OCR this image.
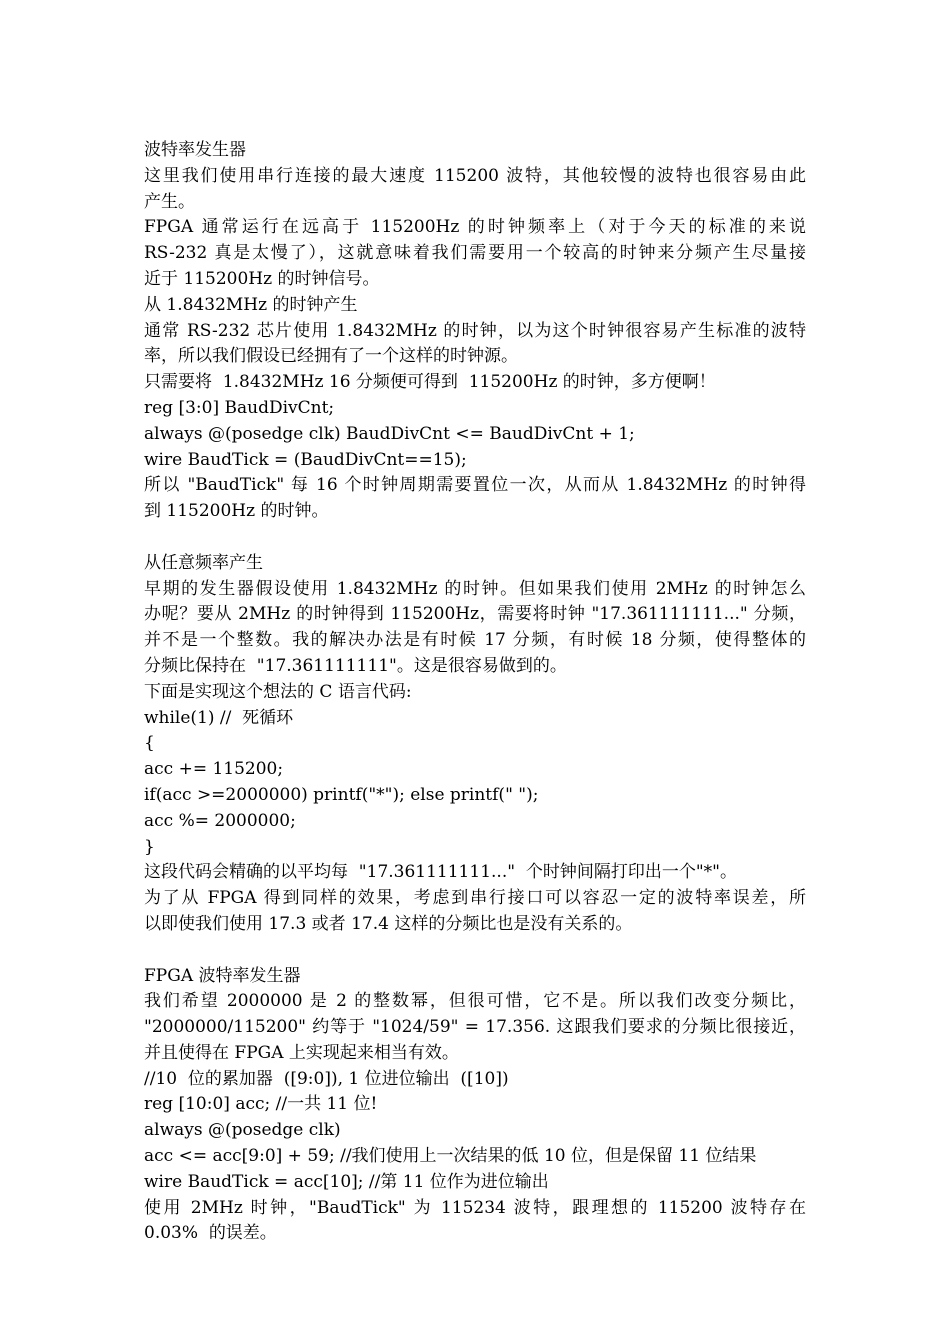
波特率发生器
这里我们使用串行连接的最大速度 115200 波特，其他较慢的波特也很容易由此
产生。
FPGA 通常运行在远高于 115200Hz 的时钟频率上（对于今天的标准的来说
RS-232 真是太慢了），这就意味着我们需要用一个较高的时钟来分频产生尽量接
近于 115200Hz 的时钟信号。
从 1.8432MHz 的时钟产生
通常 RS-232 芯片使用 1.8432MHz 的时钟，以为这个时钟很容易产生标准的波特
率，所以我们假设已经拥有了一个这样的时钟源。
只需要将  1.8432MHz 16 分频便可得到  115200Hz 的时钟，多方便啊！
reg [3:0] BaudDivCnt;
always @(posedge clk) BaudDivCnt <= BaudDivCnt + 1;
wire BaudTick = (BaudDivCnt==15);
所以 "BaudTick" 每 16 个时钟周期需要置位一次，从而从 1.8432MHz 的时钟得
到 115200Hz 的时钟。
从任意频率产生
早期的发生器假设使用 1.8432MHz 的时钟。但如果我们使用 2MHz 的时钟怎么
办呢？要从 2MHz 的时钟得到 115200Hz，需要将时钟 "17.361111111..." 分频，
并不是一个整数。我的解决办法是有时候 17 分频，有时候 18 分频，使得整体的
分频比保持在  "17.361111111"。这是很容易做到的。
下面是实现这个想法的 C 语言代码:
while(1) //  死循环
{
acc += 115200;
if(acc >=2000000) printf("*"); else printf(" ");
acc %= 2000000;
}
这段代码会精确的以平均每  "17.361111111..."  个时钟间隔打印出一个"*"。
为了从 FPGA 得到同样的效果，考虑到串行接口可以容忍一定的波特率误差，所
以即使我们使用 17.3 或者 17.4 这样的分频比也是没有关系的。
FPGA 波特率发生器
我们希望 2000000 是 2 的整数幂，但很可惜，它不是。所以我们改变分频比，
"2000000/115200" 约等于 "1024/59" = 17.356. 这跟我们要求的分频比很接近，
并且使得在 FPGA 上实现起来相当有效。
//10  位的累加器  ([9:0]), 1 位进位输出  ([10])
reg [10:0] acc; //一共 11 位!
always @(posedge clk)
acc <= acc[9:0] + 59; //我们使用上一次结果的低 10 位，但是保留 11 位结果
wire BaudTick = acc[10]; //第 11 位作为进位输出
使用 2MHz 时钟，"BaudTick" 为 115234 波特，跟理想的 115200 波特存在
0.03%  的误差。
